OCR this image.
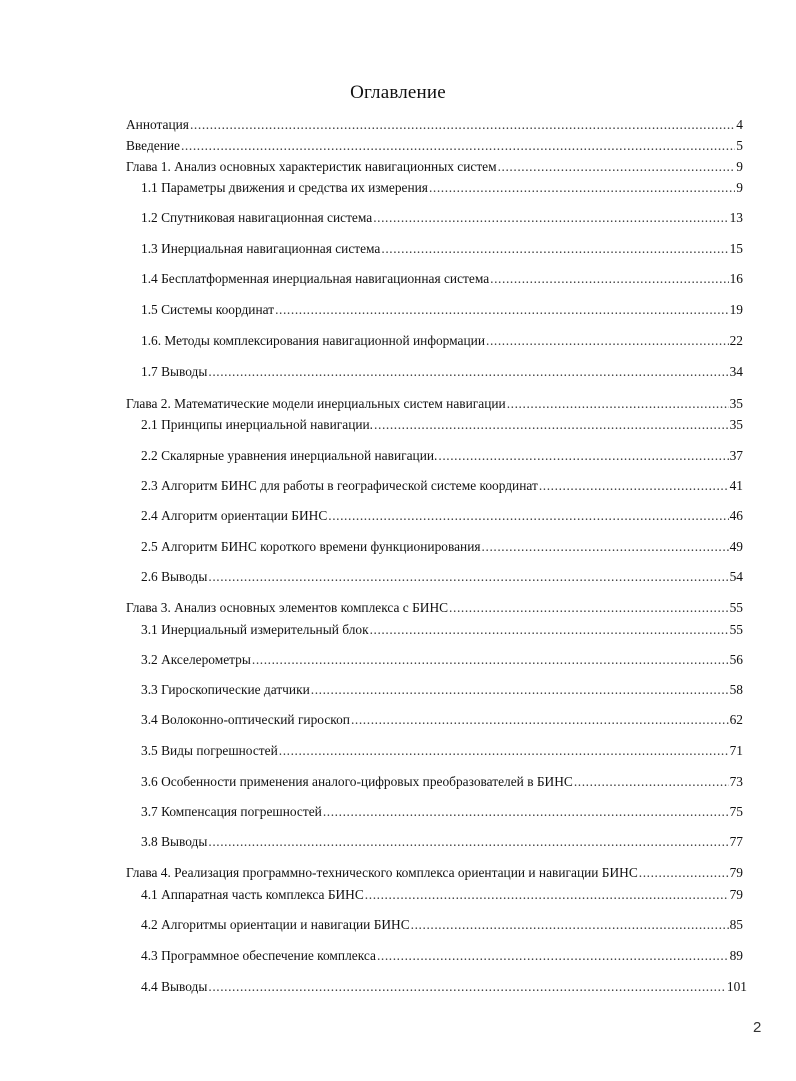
Оглавление
Аннотация .....	4
Введение .....	5
Глава 1. Анализ основных характеристик навигационных систем .....	9
1.1 Параметры движения и средства их измерения .....	9
1.2 Спутниковая навигационная система .....	13
1.3 Инерциальная навигационная система .....	15
1.4 Бесплатформенная инерциальная навигационная система .....	16
1.5 Системы координат .....	19
1.6. Методы комплексирования навигационной информации .....	22
1.7 Выводы .....	34
Глава 2. Математические модели инерциальных систем навигации .....	35
2.1 Принципы инерциальной навигации. .....	35
2.2 Скалярные уравнения инерциальной навигации. .....	37
2.3 Алгоритм БИНС для работы в географической системе координат .....	41
2.4 Алгоритм ориентации БИНС .....	46
2.5 Алгоритм БИНС короткого времени функционирования .....	49
2.6 Выводы .....	54
Глава 3. Анализ основных элементов комплекса с БИНС .....	55
3.1 Инерциальный измерительный блок .....	55
3.2 Акселерометры .....	56
3.3 Гироскопические датчики .....	58
3.4 Волоконно-оптический гироскоп .....	62
3.5 Виды погрешностей .....	71
3.6 Особенности применения аналого-цифровых преобразователей в БИНС .....	73
3.7 Компенсация погрешностей .....	75
3.8 Выводы .....	77
Глава 4. Реализация программно-технического комплекса ориентации и навигации БИНС .....	79
4.1 Аппаратная часть комплекса БИНС .....	79
4.2 Алгоритмы ориентации и навигации БИНС .....	85
4.3 Программное обеспечение комплекса .....	89
4.4 Выводы .....	101
2
